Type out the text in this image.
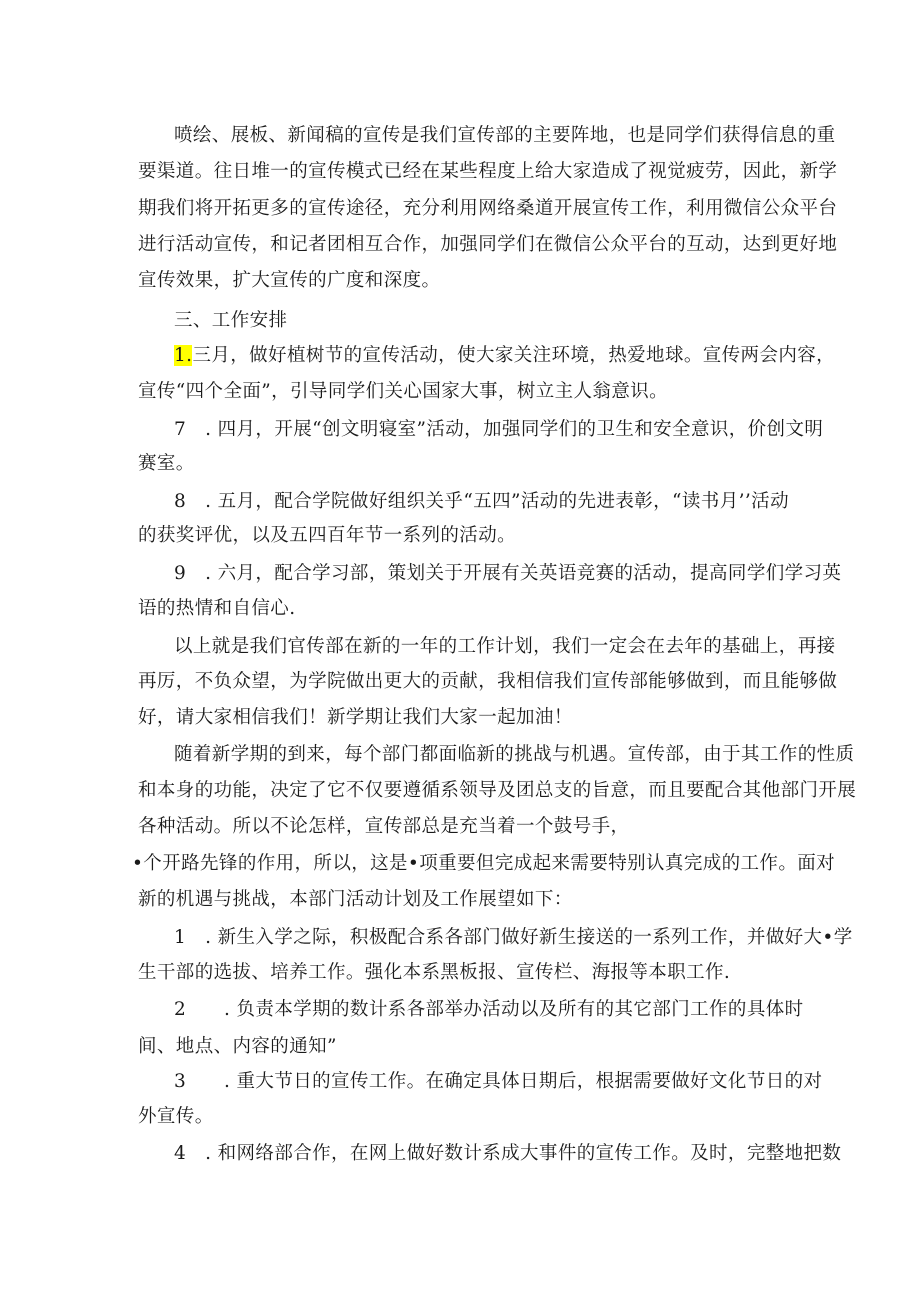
喷绘、展板、新闻稿的宣传是我们宣传部的主要阵地，也是同学们获得信息的重
要渠道。往日堆一的宣传模式已经在某些程度上给大家造成了视觉疲劳，因此，新学
期我们将开拓更多的宣传途径，充分利用网络桑道开展宣传工作，利用微信公众平台
进行活动宣传，和记者团相互合作，加强同学们在微信公众平台的互动，达到更好地
宣传效果，扩大宣传的广度和深度。
三、工作安排
1.三月，做好植树节的宣传活动，使大家关注环境，热爱地球。宣传两会内容，
宣传“四个全面”，引导同学们关心国家大事，树立主人翁意识。
7　. 四月，开展“创文明寝室”活动，加强同学们的卫生和安全意识，价创文明
赛室。
8　. 五月，配合学院做好组织关乎“五四”活动的先进表彰，“读书月’’活动
的获奖评优，以及五四百年节一系列的活动。
9　. 六月，配合学习部，策划关于开展有关英语竞赛的活动，提高同学们学习英
语的热情和自信心.
以上就是我们官传部在新的一年的工作计划，我们一定会在去年的基础上，再接
再厉，不负众望，为学院做出更大的贡献，我相信我们宣传部能够做到，而且能够做
好，请大家相信我们！新学期让我们大家一起加油！
随着新学期的到来，每个部门都面临新的挑战与机遇。宣传部，由于其工作的性质
和本身的功能，决定了它不仅要遵循系领导及团总支的旨意，而且要配合其他部门开展
各种活动。所以不论怎样，宣传部总是充当着一个鼓号手，
•个开路先锋的作用，所以，这是•项重要但完成起来需要特别认真完成的工作。面对
新的机遇与挑战，本部门活动计划及工作展望如下：
1　. 新生入学之际，积极配合系各部门做好新生接送的一系列工作，并做好大•学
生干部的选拔、培养工作。强化本系黑板报、宣传栏、海报等本职工作.
2　　. 负责本学期的数计系各部举办活动以及所有的其它部门工作的具体时
间、地点、内容的通知”
3　　. 重大节日的宣传工作。在确定具体日期后，根据需要做好文化节日的对
外宣传。
4　. 和网络部合作，在网上做好数计系成大事件的宣传工作。及时，完整地把数
